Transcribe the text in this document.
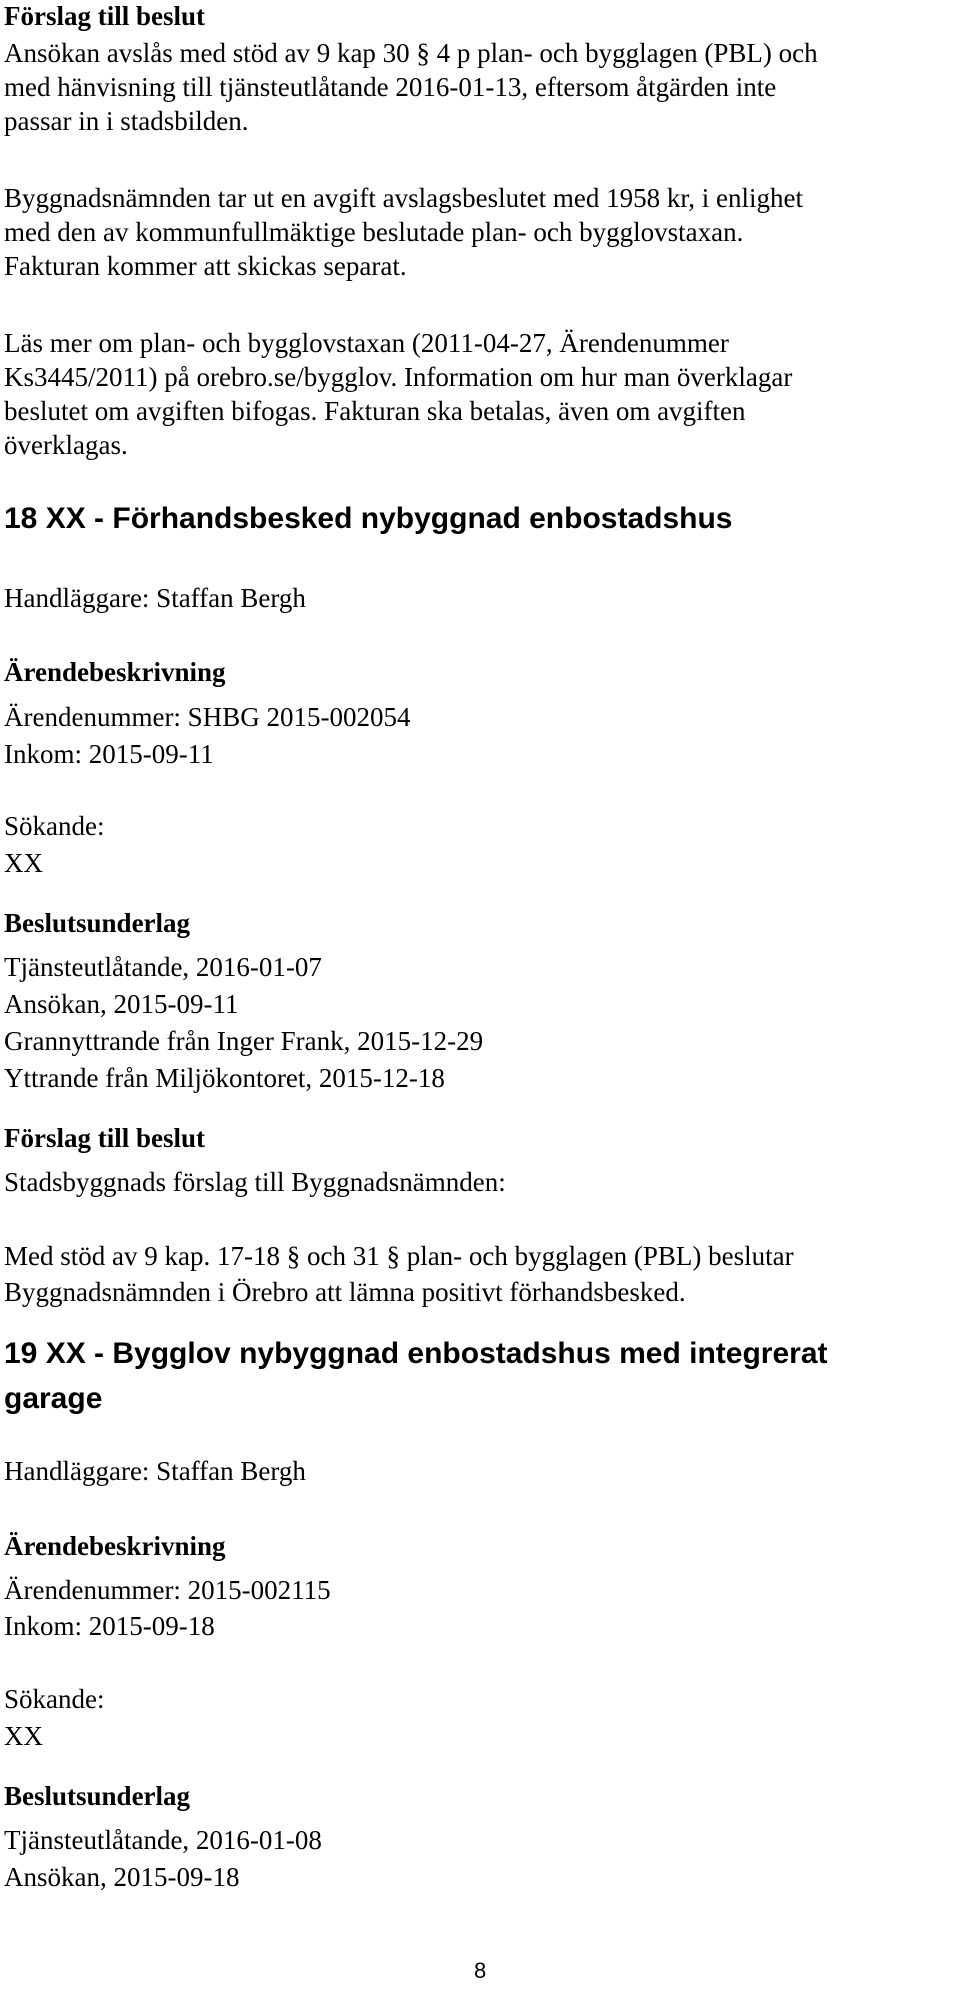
Förslag till beslut
Ansökan avslås med stöd av 9 kap 30 § 4 p plan- och bygglagen (PBL) och
med hänvisning till tjänsteutlåtande 2016-01-13, eftersom åtgärden inte
passar in i stadsbilden.
Byggnadsnämnden tar ut en avgift avslagsbeslutet med 1958 kr, i enlighet
med den av kommunfullmäktige beslutade plan- och bygglovstaxan.
Fakturan kommer att skickas separat.
Läs mer om plan- och bygglovstaxan (2011-04-27, Ärendenummer
Ks3445/2011) på orebro.se/bygglov. Information om hur man överklagar
beslutet om avgiften bifogas. Fakturan ska betalas, även om avgiften
överklagas.
18 XX - Förhandsbesked nybyggnad enbostadshus
Handläggare: Staffan Bergh
Ärendebeskrivning
Ärendenummer: SHBG 2015-002054
Inkom: 2015-09-11
Sökande:
XX
Beslutsunderlag
Tjänsteutlåtande, 2016-01-07
Ansökan, 2015-09-11
Grannyttrande från Inger Frank, 2015-12-29
Yttrande från Miljökontoret, 2015-12-18
Förslag till beslut
Stadsbyggnads förslag till Byggnadsnämnden:
Med stöd av 9 kap. 17-18 § och 31 § plan- och bygglagen (PBL) beslutar
Byggnadsnämnden i Örebro att lämna positivt förhandsbesked.
19 XX - Bygglov nybyggnad enbostadshus med integrerat
garage
Handläggare: Staffan Bergh
Ärendebeskrivning
Ärendenummer: 2015-002115
Inkom: 2015-09-18
Sökande:
XX
Beslutsunderlag
Tjänsteutlåtande, 2016-01-08
Ansökan, 2015-09-18
8
